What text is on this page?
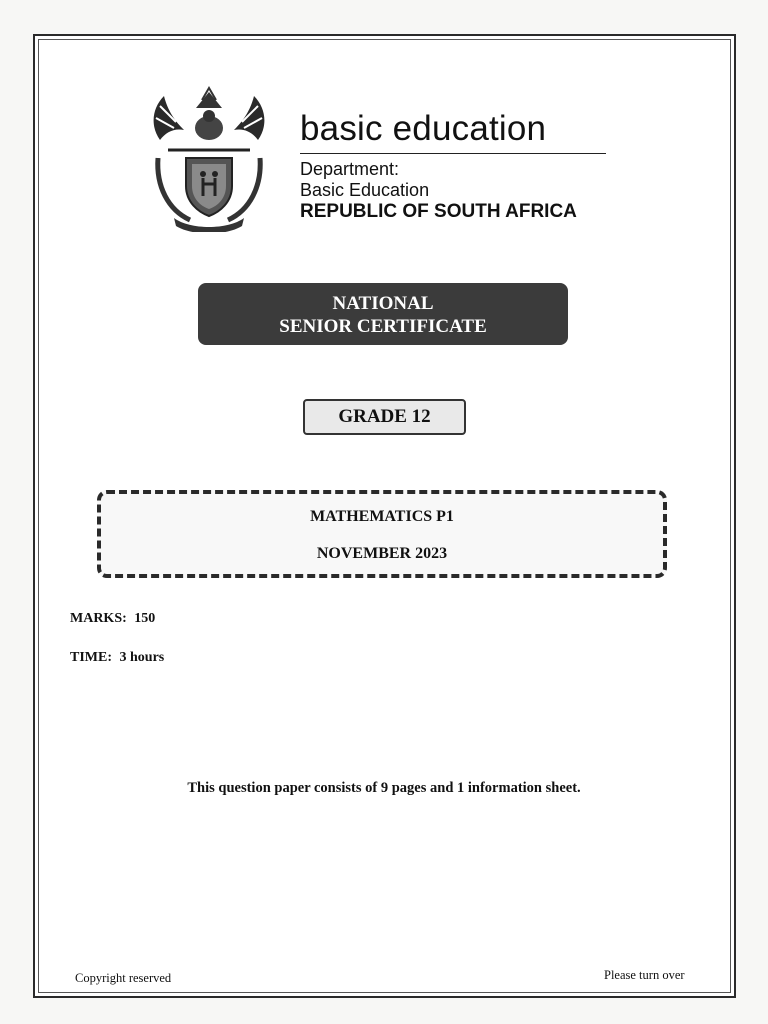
basic education
Department:
Basic Education
REPUBLIC OF SOUTH AFRICA
NATIONAL
SENIOR CERTIFICATE
GRADE 12
MATHEMATICS P1
NOVEMBER 2023
MARKS: 150
TIME: 3 hours
This question paper consists of 9 pages and 1 information sheet.
Copyright reserved	Please turn over
